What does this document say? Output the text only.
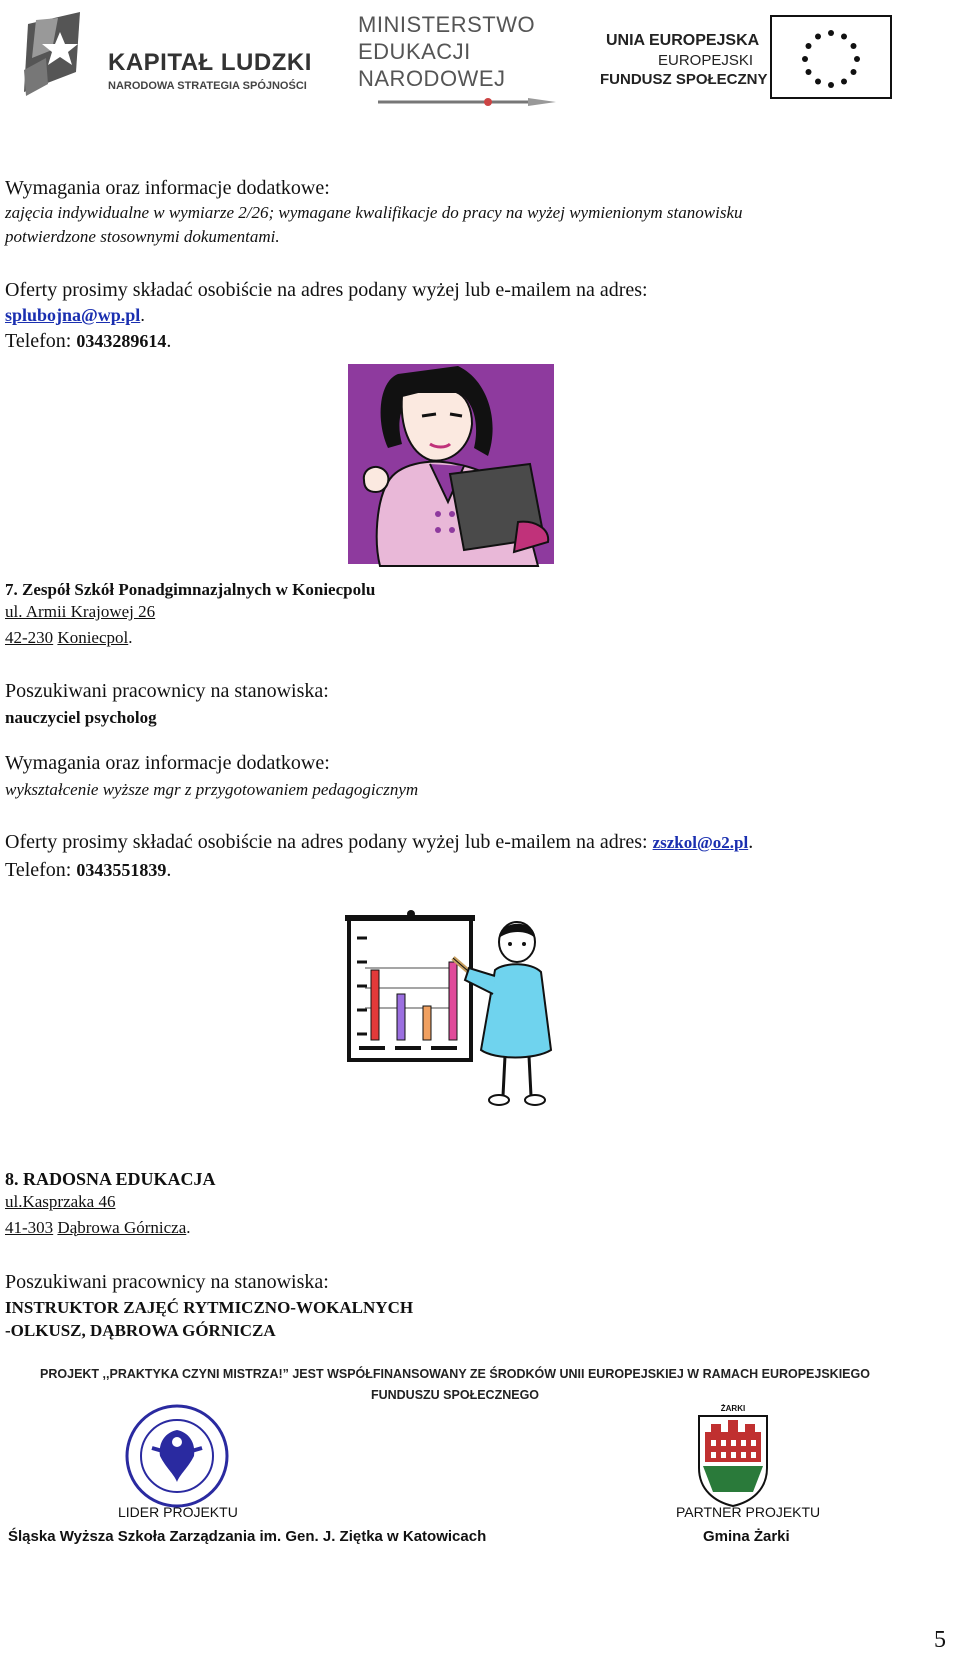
KAPITAŁ LUDZKI
NARODOWA STRATEGIA SPÓJNOŚCI
MINISTERSTWO
EDUKACJI
NARODOWEJ
UNIA EUROPEJSKA
EUROPEJSKI
FUNDUSZ SPOŁECZNY
Wymagania oraz informacje dodatkowe:
zajęcia indywidualne w wymiarze 2/26; wymagane kwalifikacje do pracy na wyżej wymienionym stanowisku
potwierdzone stosownymi dokumentami.
Oferty prosimy składać osobiście na adres podany wyżej lub e-mailem na adres:
splubojna@wp.pl.
Telefon: 0343289614.
7. Zespół Szkół Ponadgimnazjalnych w Koniecpolu
ul. Armii Krajowej 26
42-230 Koniecpol.
Poszukiwani pracownicy na stanowiska:
nauczyciel psycholog
Wymagania oraz informacje dodatkowe:
wykształcenie wyższe mgr z przygotowaniem pedagogicznym
Oferty prosimy składać osobiście na adres podany wyżej lub e-mailem na adres: zszkol@o2.pl.
Telefon: 0343551839.
8. RADOSNA EDUKACJA
ul.Kasprzaka 46
41-303 Dąbrowa Górnicza.
Poszukiwani pracownicy na stanowiska:
INSTRUKTOR ZAJĘĆ RYTMICZNO-WOKALNYCH
-OLKUSZ, DĄBROWA GÓRNICZA
PROJEKT ,,PRAKTYKA CZYNI MISTRZA!” JEST WSPÓŁFINANSOWANY ZE ŚRODKÓW UNII EUROPEJSKIEJ W RAMACH EUROPEJSKIEGO
FUNDUSZU SPOŁECZNEGO
ŻARKI
LIDER PROJEKTU	PARTNER PROJEKTU
Śląska Wyższa Szkoła Zarządzania im. Gen. J. Ziętka w Katowicach	Gmina Żarki
5
